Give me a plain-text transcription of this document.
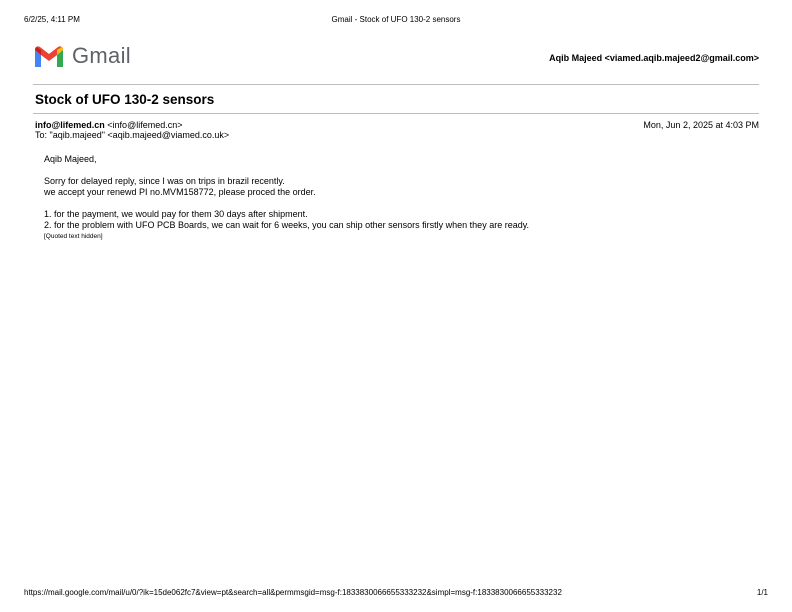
6/2/25, 4:11 PM	Gmail - Stock of UFO 130-2 sensors
Gmail	Aqib Majeed <viamed.aqib.majeed2@gmail.com>
Stock of UFO 130-2 sensors
info@lifemed.cn <info@lifemed.cn>	Mon, Jun 2, 2025 at 4:03 PM
To: "aqib.majeed" <aqib.majeed@viamed.co.uk>

Aqib Majeed,

Sorry for delayed reply, since I was on trips in brazil recently.

we accept your renewd PI no.MVM158772, please proced the order.

1. for the payment, we would pay for them 30 days after shipment.

2. for the problem with UFO PCB Boards, we can wait for 6 weeks, you can ship other sensors firstly when they are ready.

[Quoted text hidden]

https://mail.google.com/mail/u/0/?ik=15de062fc7&view=pt&search=all&permmsgid=msg-f:1833830066655333232&simpl=msg-f:1833830066655333232	1/1
